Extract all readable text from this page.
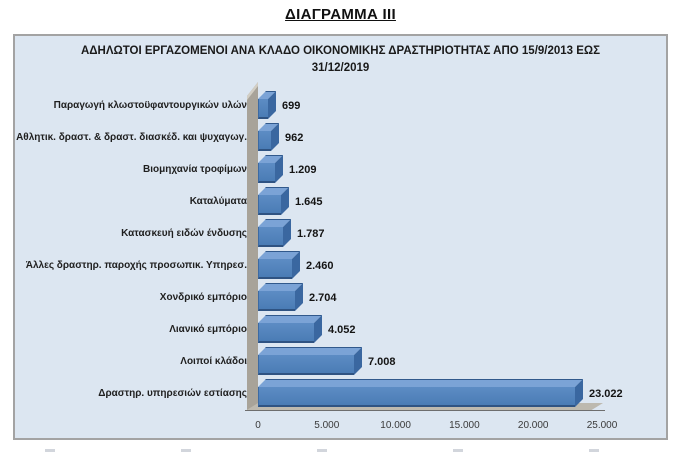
ΔΙΑΓΡΑΜΜΑ III
ΑΔΗΛΩΤΟΙ ΕΡΓΑΖΟΜΕΝΟΙ ΑΝΑ ΚΛΑΔΟ ΟΙΚΟΝΟΜΙΚΗΣ ΔΡΑΣΤΗΡΙΟΤΗΤΑΣ ΑΠΟ 15/9/2013 ΕΩΣ
31/12/2019
Παραγωγή κλωστοϋφαντουργικών υλών	699
Αθλητικ. δραστ. & δραστ. διασκέδ. και ψυχαγωγ.	962
Βιομηχανία τροφίμων	1.209
Καταλύματα	1.645
Κατασκευή ειδών ένδυσης	1.787
Άλλες δραστηρ. παροχής προσωπικ. Υπηρεσ.	2.460
Χονδρικό εμπόριο	2.704
Λιανικό εμπόριο	4.052
Λοιποί κλάδοι	7.008
Δραστηρ. υπηρεσιών εστίασης	23.022
0	5.000	10.000	15.000	20.000	25.000
